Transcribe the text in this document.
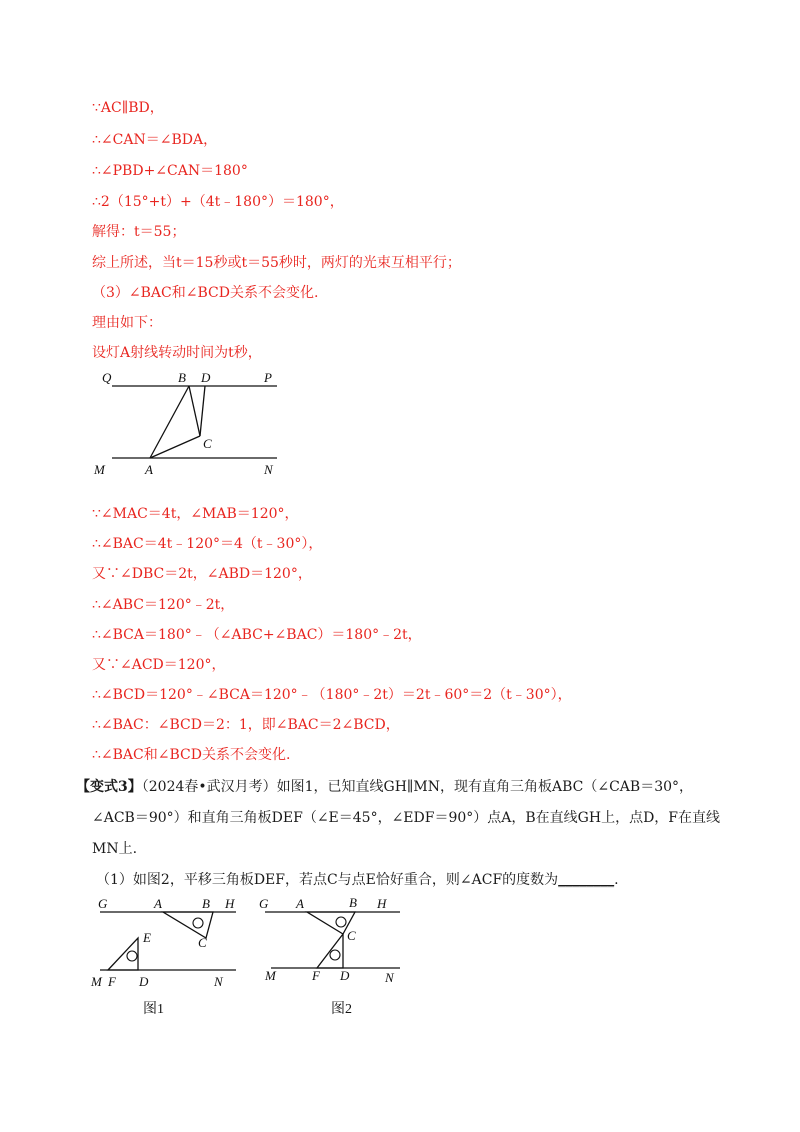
∵AC∥BD，

∴∠CAN＝∠BDA，

∴∠PBD+∠CAN＝180°

∴2（15°+t）+（4t﹣180°）＝180°，

解得：t＝55；

综上所述，当t＝15秒或t＝55秒时，两灯的光束互相平行；

（3）∠BAC和∠BCD关系不会变化.

理由如下：

设灯A射线转动时间为t秒，

Q	B D	P
C
M	A	N

∵∠MAC＝4t，∠MAB＝120°，

∴∠BAC＝4t﹣120°＝4（t﹣30°），

又∵∠DBC＝2t，∠ABD＝120°，

∴∠ABC＝120°﹣2t，

∴∠BCA＝180°﹣（∠ABC+∠BAC）＝180°﹣2t，

又∵∠ACD＝120°，

∴∠BCD＝120°﹣∠BCA＝120°﹣（180°﹣2t）＝2t﹣60°＝2（t﹣30°），

∴∠BAC：∠BCD＝2：1，即∠BAC＝2∠BCD，

∴∠BAC和∠BCD关系不会变化.

【变式3】（2024春•武汉月考）如图1，已知直线GH∥MN，现有直角三角板ABC（∠CAB＝30°，

∠ACB＝90°）和直角三角板DEF（∠E＝45°，∠EDF＝90°）点A，B在直线GH上，点D，F在直线

MN上.

（1）如图2，平移三角板DEF，若点C与点E恰好重合，则∠ACF的度数为________.

G	A	B H
E	C
M F D	N
图1
G A	B H
C
M	F D	N
图2
